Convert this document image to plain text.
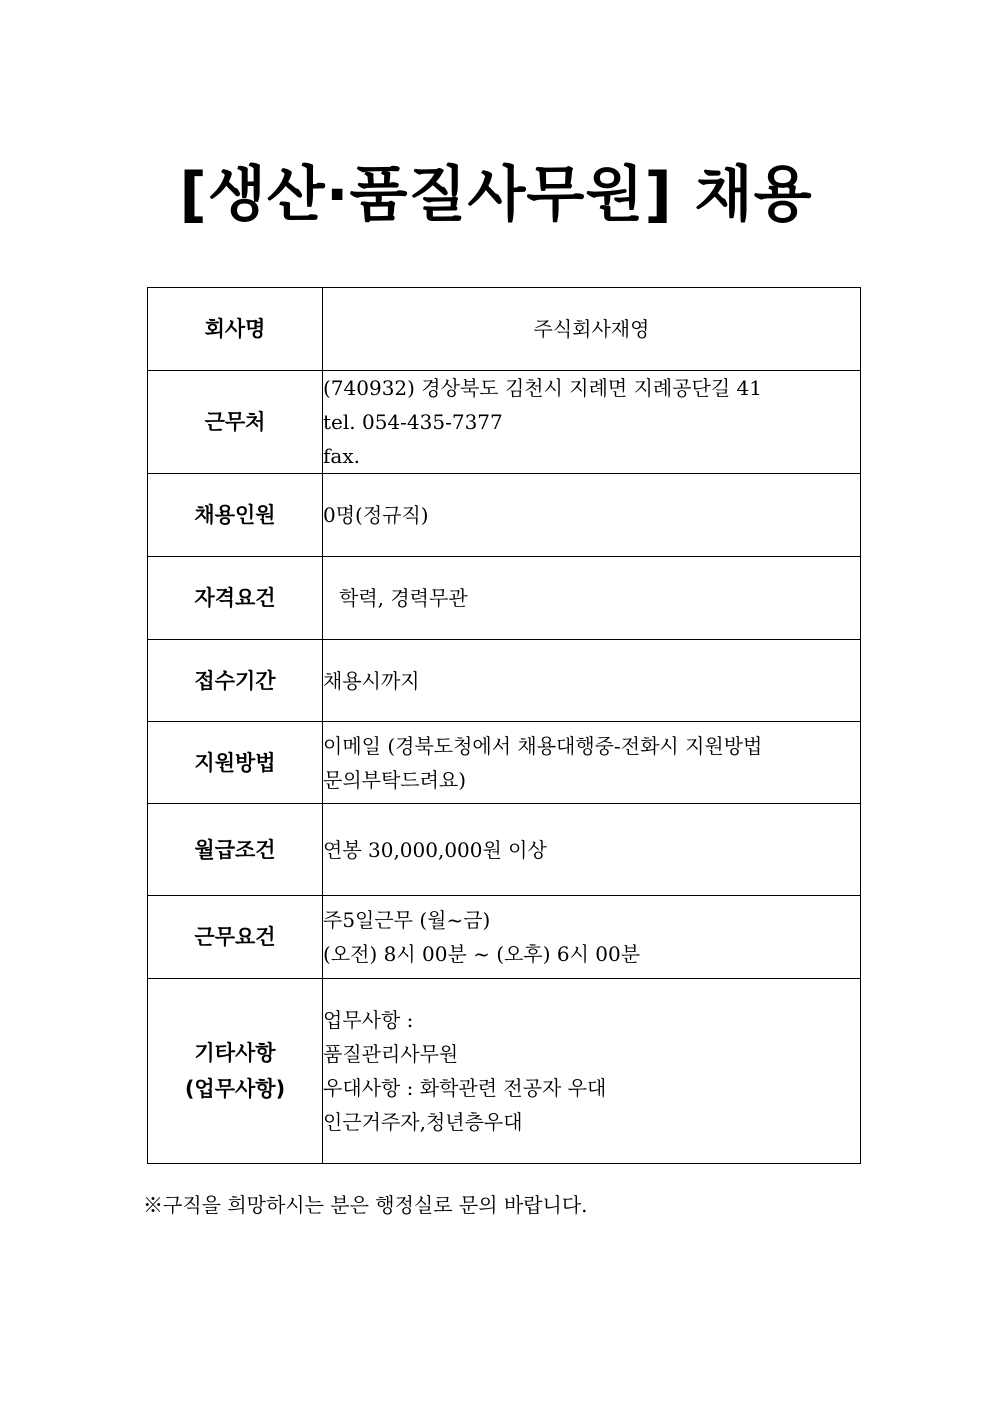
[생산·품질사무원] 채용
회사명	주식회사재영
근무처	(740932) 경상북도 김천시 지례면 지례공단길 41
tel. 054-435-7377
fax.

채용인원	0명(정규직)
자격요건	학력, 경력무관
접수기간	채용시까지
지원방법	이메일 (경북도청에서 채용대행중-전화시 지원방법
문의부탁드려요)

월급조건	연봉 30,000,000원 이상
근무요건	주5일근무 (월~금)
(오전) 8시 00분 ~ (오후) 6시 00분

기타사항
(업무사항)	업무사항 :
품질관리사무원
우대사항 : 화학관련 전공자 우대
인근거주자,청년층우대
※구직을 희망하시는 분은 행정실로 문의 바랍니다.
